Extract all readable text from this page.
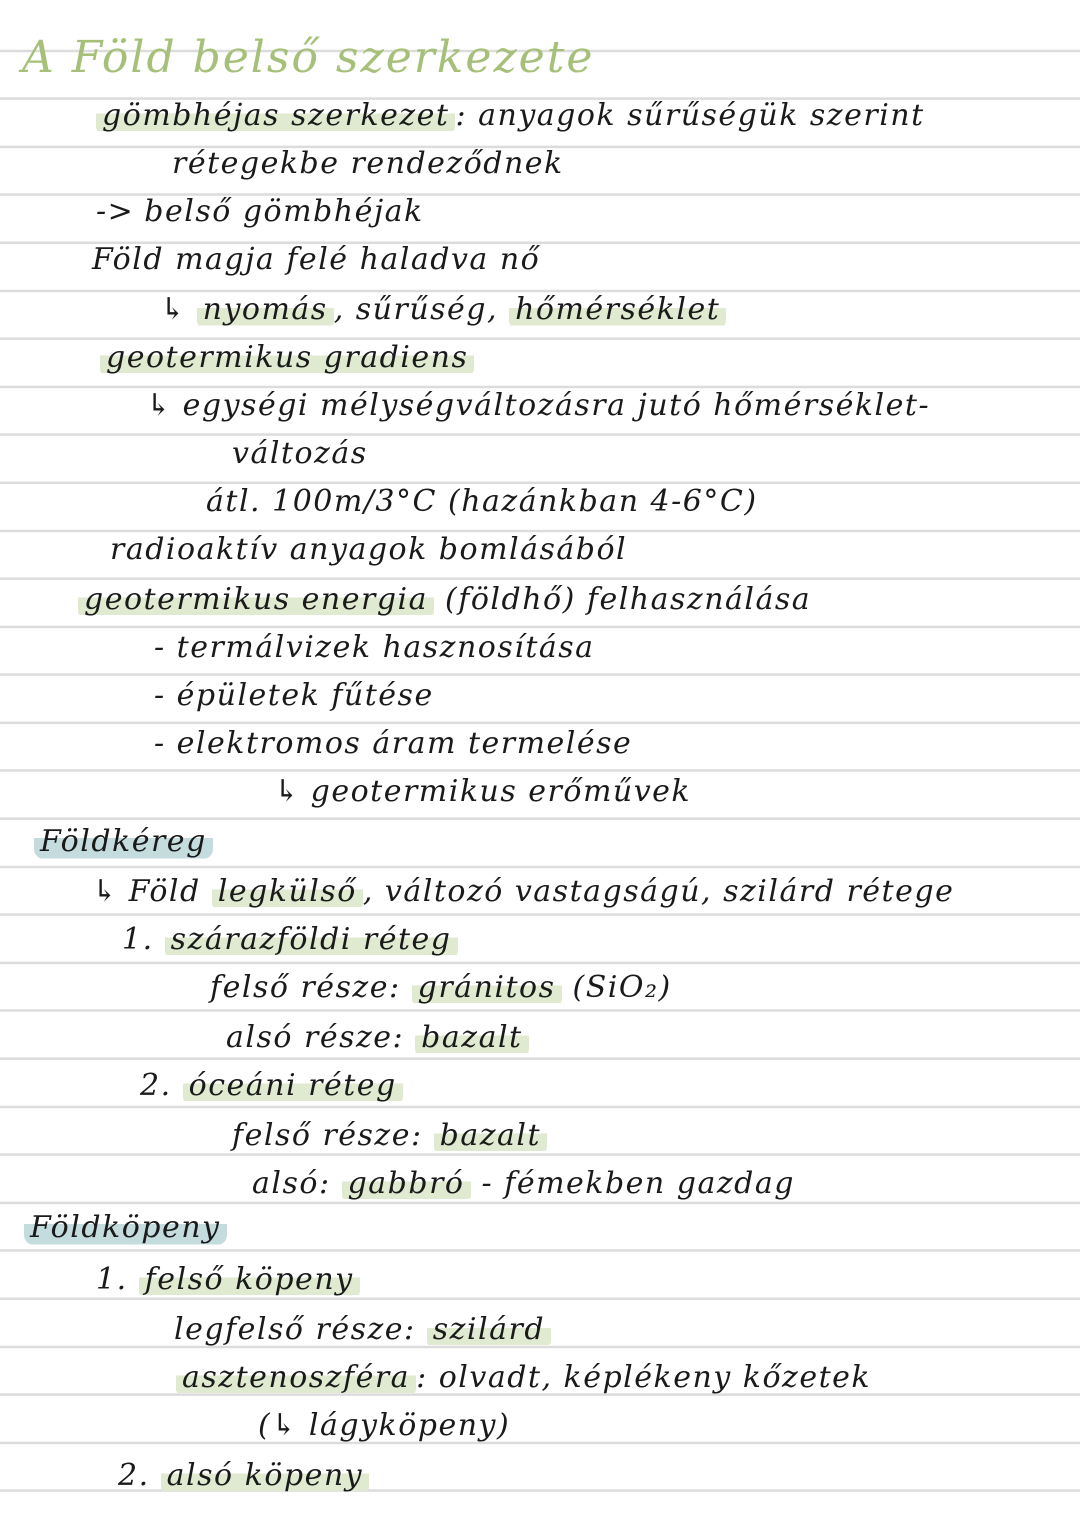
A Föld belső szerkezete
gömbhéjas szerkezet : anyagok sűrűségük szerint
rétegekbe rendeződnek
-> belső gömbhéjak
Föld magja felé haladva nő
↳ nyomás , sűrűség, hőmérséklet
geotermikus gradiens
↳ egységi mélységváltozásra jutó hőmérséklet-
változás
átl. 100m/3°C (hazánkban 4-6°C)
radioaktív anyagok bomlásából
geotermikus energia (földhő) felhasználása
- termálvizek hasznosítása
- épületek fűtése
- elektromos áram termelése
↳ geotermikus erőművek
Földkéreg
↳ Föld legkülső , változó vastagságú, szilárd rétege
1. szárazföldi réteg
felső része: gránitos (SiO₂)
alsó része: bazalt
2. óceáni réteg
felső része: bazalt
alsó: gabbró - fémekben gazdag
Földköpeny
1. felső köpeny
legfelső része: szilárd
asztenoszféra : olvadt, képlékeny kőzetek
(↳ lágyköpeny)
2. alsó köpeny
